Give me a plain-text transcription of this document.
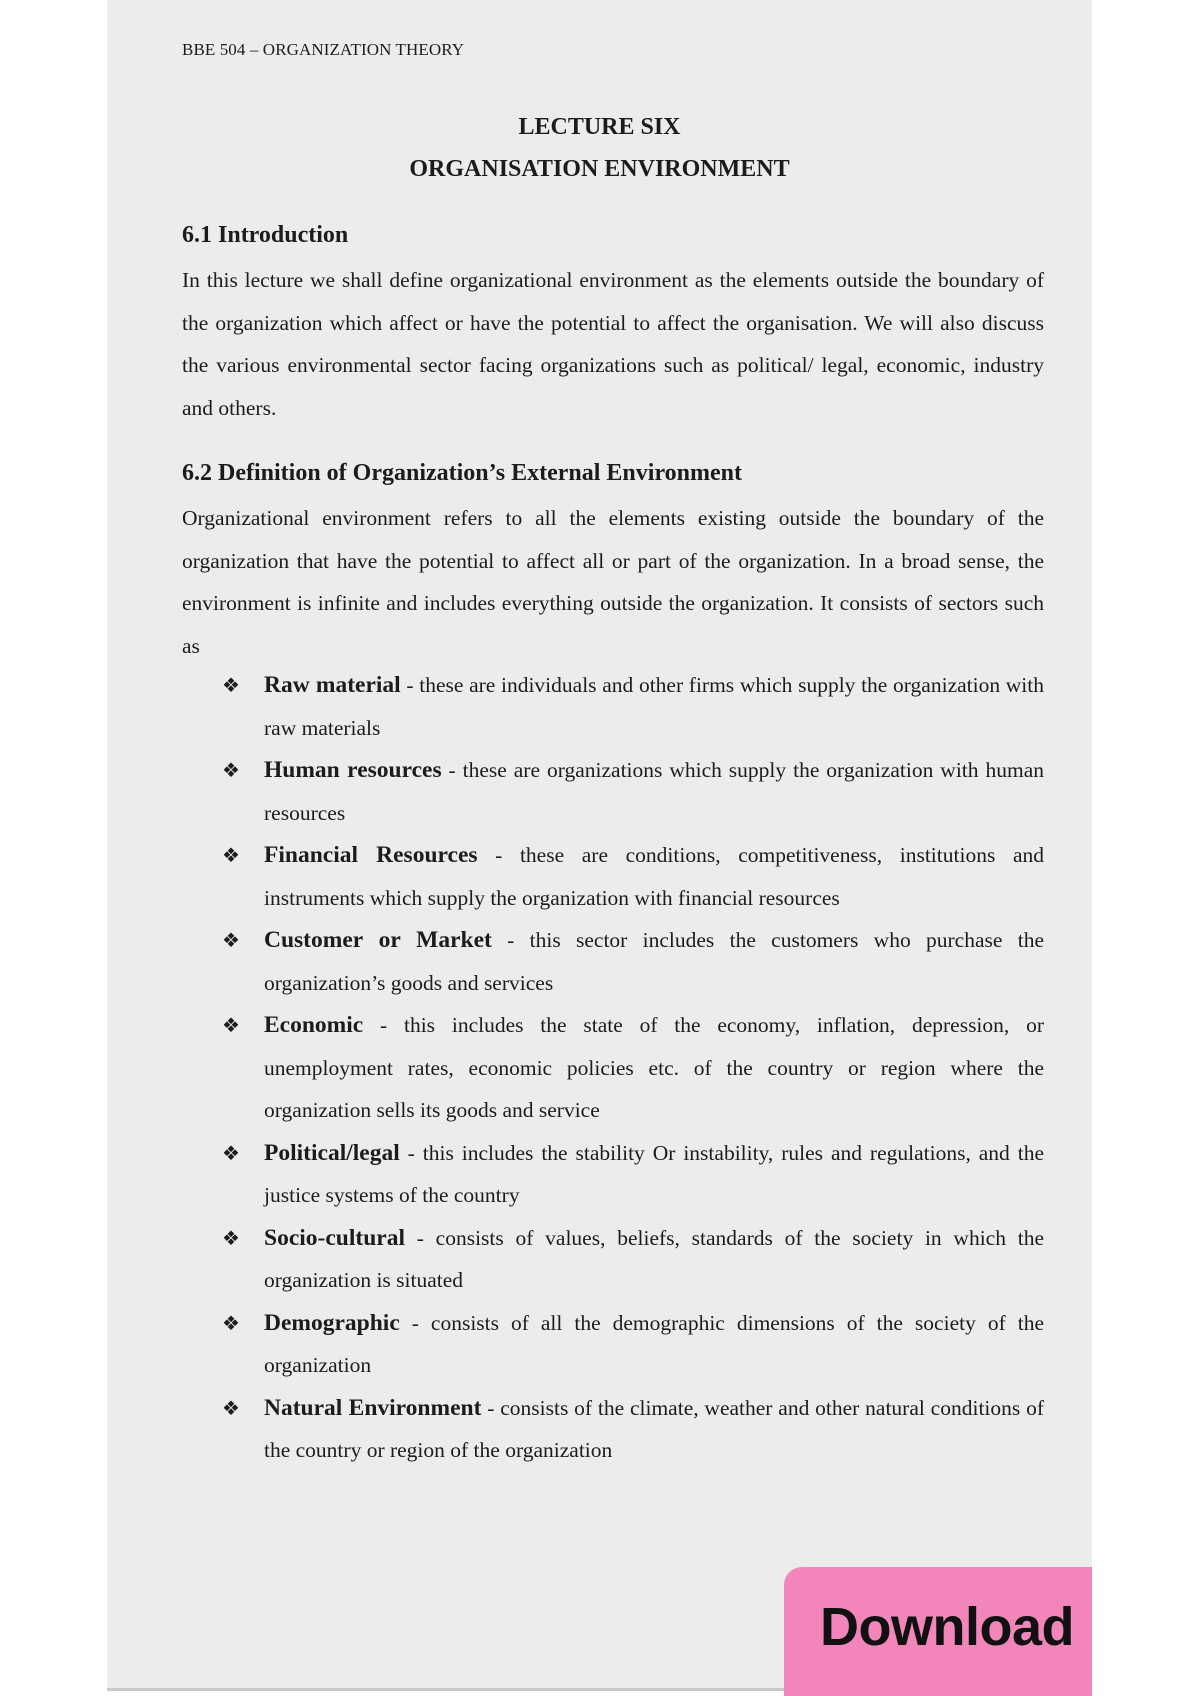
BBE 504 – ORGANIZATION THEORY
LECTURE SIX
ORGANISATION ENVIRONMENT
6.1 Introduction
In this lecture we shall define organizational environment as the elements outside the boundary of the organization which affect or have the potential to affect the organisation. We will also discuss the various environmental sector facing organizations such as political/ legal, economic, industry and others.
6.2 Definition of Organization’s External Environment
Organizational environment refers to all the elements existing outside the boundary of the organization that have the potential to affect all or part of the organization. In a broad sense, the environment is infinite and includes everything outside the organization. It consists of sectors such as
❖ Raw material - these are individuals and other firms which supply the organization with raw materials
❖ Human resources - these are organizations which supply the organization with human resources
❖ Financial Resources - these are conditions, competitiveness, institutions and instruments which supply the organization with financial resources
❖ Customer or Market - this sector includes the customers who purchase the organization’s goods and services
❖ Economic - this includes the state of the economy, inflation, depression, or unemployment rates, economic policies etc. of the country or region where the organization sells its goods and service
❖ Political/legal - this includes the stability Or instability, rules and regulations, and the justice systems of the country
❖ Socio-cultural - consists of values, beliefs, standards of the society in which the organization is situated
❖ Demographic - consists of all the demographic dimensions of the society of the organization
❖ Natural Environment - consists of the climate, weather and other natural conditions of the country or region of the organization
Download
